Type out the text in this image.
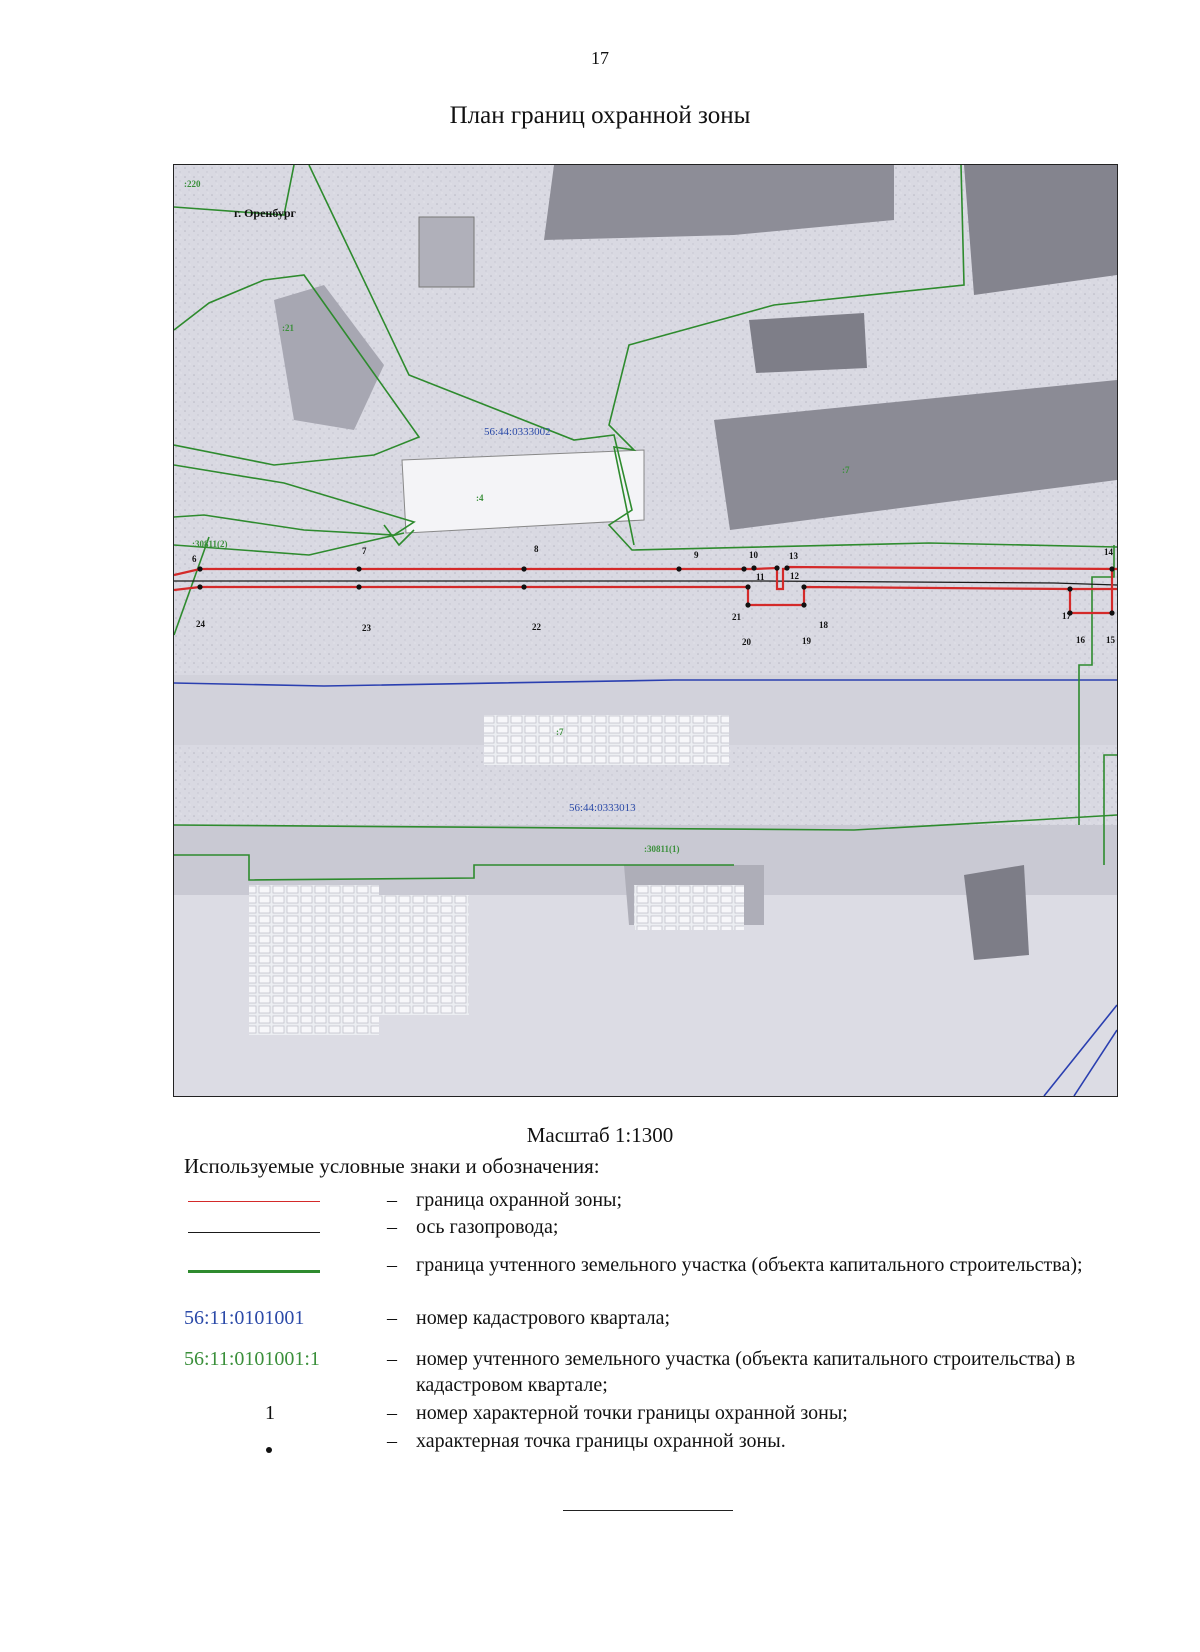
17
План границ охранной зоны
6
7	8
9	10
11	12
13	14
24	23	22
21
20	19
18
17
16 15
56:44:0333002
56:44:0333013
:220
:21
:4
:7
:7
:30811(2)
:30811(1)
г. Оренбург
Масштаб 1:1300
Используемые условные знаки и обозначения:
– граница охранной зоны;
– ось газопровода;
– граница учтенного земельного участка (объекта капитального строительства);
56:11:0101001	– номер кадастрового квартала;
56:11:0101001:1	– номер учтенного земельного участка (объекта капитального строительства) в кадастровом квартале;
1	– номер характерной точки границы охранной зоны;
– характерная точка границы охранной зоны.
